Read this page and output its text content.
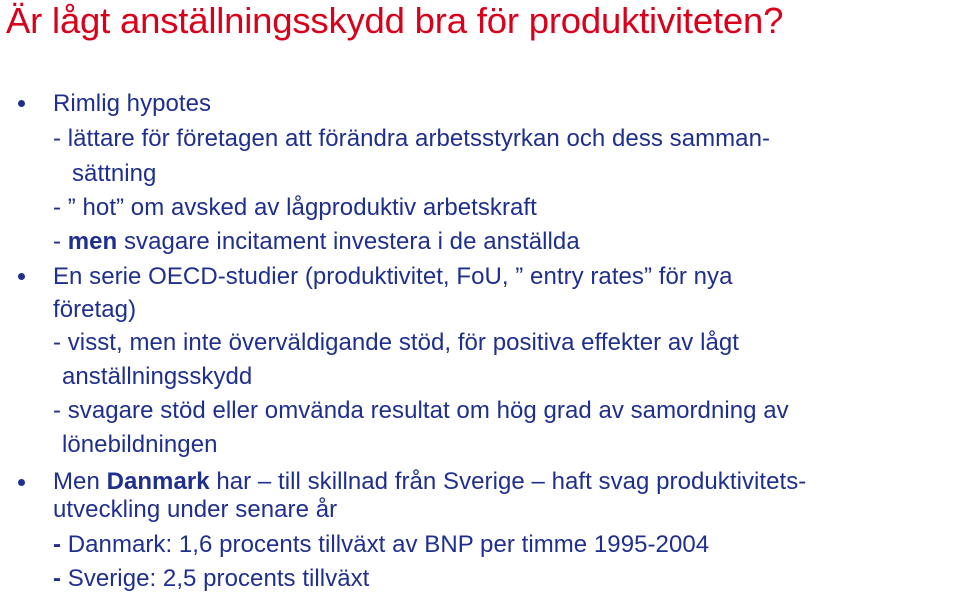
Är lågt anställningsskydd bra för produktiviteten?
Rimlig hypotes
- lättare för företagen att förändra arbetsstyrkan och dess samman-
sättning
- ” hot” om avsked av lågproduktiv arbetskraft
- men svagare incitament investera i de anställda
En serie OECD-studier (produktivitet, FoU, ” entry rates” för nya
företag)
- visst, men inte överväldigande stöd, för positiva effekter av lågt
anställningsskydd
- svagare stöd eller omvända resultat om hög grad av samordning av
lönebildningen
Men Danmark har – till skillnad från Sverige – haft svag produktivitets-
utveckling under senare år
- Danmark: 1,6 procents tillväxt av BNP per timme 1995-2004
- Sverige: 2,5 procents tillväxt
